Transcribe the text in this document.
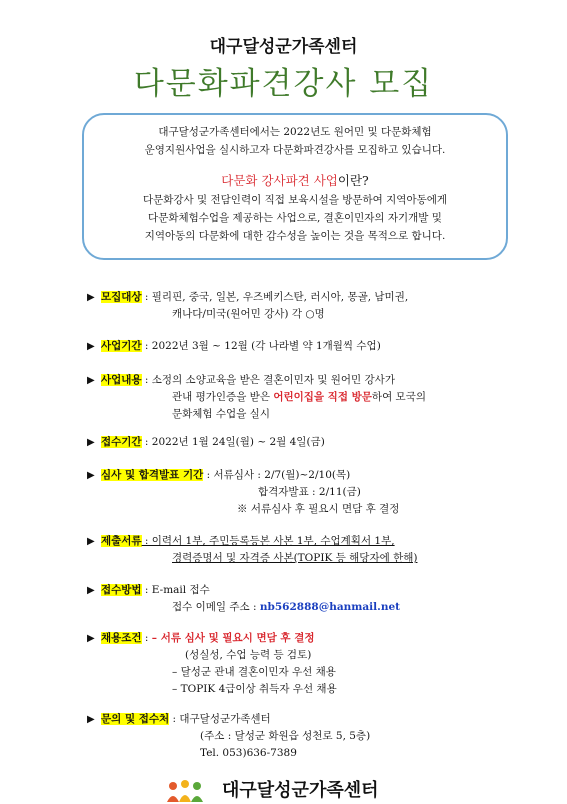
대구달성군가족센터
다문화파견강사 모집

대구달성군가족센터에서는 2022년도 원어민 및 다문화체험

운영지원사업을 실시하고자 다문화파견강사를 모집하고 있습니다.

다문화 강사파견 사업이란?

다문화강사 및 전담인력이 직접 보육시설을 방문하여 지역아동에게

다문화체험수업을 제공하는 사업으로, 결혼이민자의 자기개발 및

지역아동의 다문화에 대한 감수성을 높이는 것을 목적으로 합니다.

▶ 모집대상 : 필리핀, 중국, 일본, 우즈베키스탄, 러시아, 몽골, 남미권,
캐나다/미국(원어민 강사) 각 ○명
▶ 사업기간 : 2022년 3월 ~ 12월 (각 나라별 약 1개월씩 수업)
▶ 사업내용 : 소정의 소양교육을 받은 결혼이민자 및 원어민 강사가
관내 평가인증을 받은 어린이집을 직접 방문하여 모국의
문화체험 수업을 실시
▶ 접수기간 : 2022년 1월 24일(월) ~ 2월 4일(금)
▶ 심사 및 합격발표 기간 : 서류심사 : 2/7(월)~2/10(목)
합격자발표 : 2/11(금)
※ 서류심사 후 필요시 면담 후 결정
▶ 제출서류 : 이력서 1부, 주민등록등본 사본 1부, 수업계획서 1부,
경력증명서 및 자격증 사본(TOPIK 등 해당자에 한해)
▶ 접수방법 : E-mail 접수
접수 이메일 주소 : nb562888@hanmail.net
▶ 채용조건 : – 서류 심사 및 필요시 면담 후 결정
(성실성, 수업 능력 등 검토)
– 달성군 관내 결혼이민자 우선 채용
– TOPIK 4급이상 취득자 우선 채용
▶ 문의 및 접수처 : 대구달성군가족센터
(주소 : 달성군 화원읍 성천로 5, 5층)
Tel. 053)636-7389
대구달성군가족센터
